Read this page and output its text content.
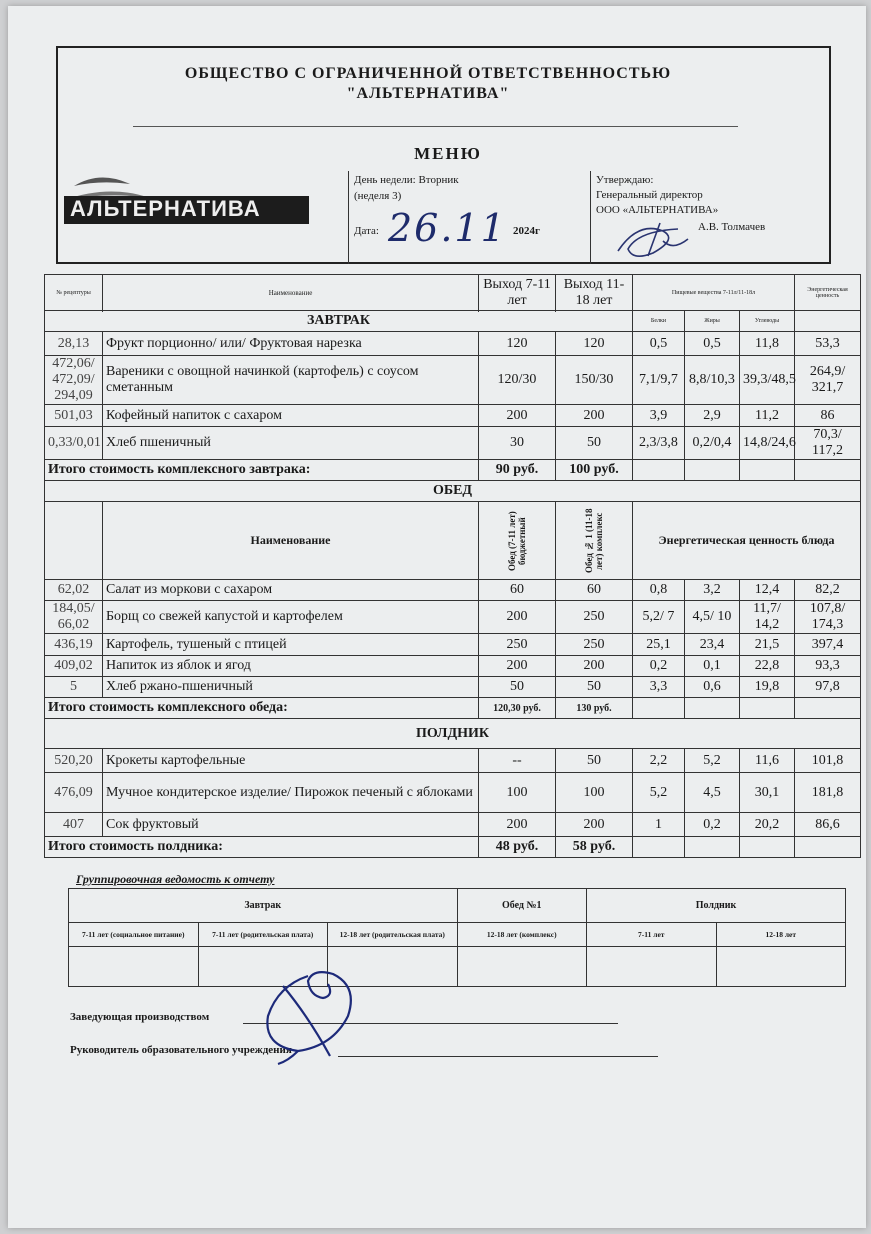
ОБЩЕСТВО С ОГРАНИЧЕННОЙ ОТВЕТСТВЕННОСТЬЮ
"АЛЬТЕРНАТИВА"
МЕНЮ
АЛЬТЕРНАТИВА
День недели: Вторник
(неделя 3)
Дата: 26.11 2024г
Утверждаю:
Генеральный директор
ООО «АЛЬТЕРНАТИВА»
А.В. Толмачев
№ рецептуры	Наименование	Выход 7-11 лет	Выход 11-18 лет	Пищевые вещества 7-11л/11-18л			Энергетическая ценность

ЗАВТРАК				Белки	Жиры	Углеводы	
28,13	Фрукт порционно/ или/ Фруктовая нарезка	120	120	0,5	0,5	11,8	53,3
472,06/ 472,09/ 294,09	Вареники с овощной начинкой (картофель) с соусом сметанным	120/30	150/30	7,1/9,7	8,8/10,3	39,3/48,5	264,9/ 321,7
501,03	Кофейный напиток с сахаром	200	200	3,9	2,9	11,2	86
0,33/0,01	Хлеб пшеничный	30	50	2,3/3,8	0,2/0,4	14,8/24,6	70,3/ 117,2
Итого стоимость комплексного завтрака:		90 руб.	100 руб.				
ОБЕД							
	Наименование	Обед (7-11 лет) бюджетный	Обед № 1 (11-18 лет) комплекс	Энергетическая ценность блюда			
62,02	Салат из моркови с сахаром	60	60	0,8	3,2	12,4	82,2
184,05/ 66,02	Борщ со свежей капустой и картофелем	200	250	5,2/ 7	4,5/ 10	11,7/ 14,2	107,8/ 174,3
436,19	Картофель, тушеный с птицей	250	250	25,1	23,4	21,5	397,4
409,02	Напиток из яблок и ягод	200	200	0,2	0,1	22,8	93,3
5	Хлеб ржано-пшеничный	50	50	3,3	0,6	19,8	97,8
Итого стоимость комплексного обеда:		120,30 руб.	130 руб.				
ПОЛДНИК							
520,20	Крокеты картофельные	--	50	2,2	5,2	11,6	101,8
476,09	Мучное кондитерское изделие/ Пирожок печеный с яблоками	100	100	5,2	4,5	30,1	181,8
407	Сок фруктовый	200	200	1	0,2	20,2	86,6
Итого стоимость полдника:		48 руб.	58 руб.				
Группировочная ведомость к отчету
Завтрак			Обед №1	Полдник	
7-11 лет (социальное питание)	7-11 лет (родительская плата)	12-18 лет (родительская плата)	12-18 лет (комплекс)	7-11 лет	12-18 лет

Заведующая производством
Руководитель образовательного учреждения
